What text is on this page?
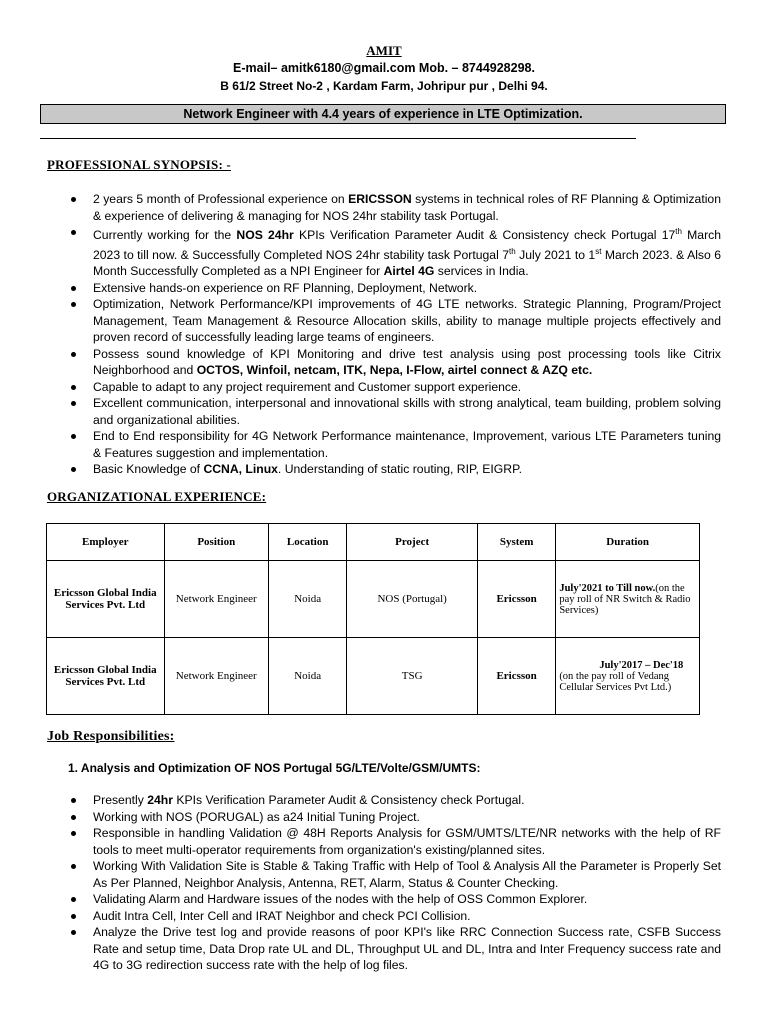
AMIT
E-mail– amitk6180@gmail.com Mob. – 8744928298.
B 61/2 Street No-2 , Kardam Farm, Johripur pur , Delhi 94.
Network Engineer with 4.4 years of experience in LTE Optimization.
PROFESSIONAL SYNOPSIS: -
2 years 5 month of Professional experience on ERICSSON systems in technical roles of RF Planning & Optimization & experience of delivering & managing for NOS 24hr stability task Portugal.
Currently working for the NOS 24hr KPIs Verification Parameter Audit & Consistency check Portugal 17th March 2023 to till now. & Successfully Completed NOS 24hr stability task Portugal 7th July 2021 to 1st March 2023. & Also 6 Month Successfully Completed as a NPI Engineer for Airtel 4G services in India.
Extensive hands-on experience on RF Planning, Deployment, Network.
Optimization, Network Performance/KPI improvements of 4G LTE networks. Strategic Planning, Program/Project Management, Team Management & Resource Allocation skills, ability to manage multiple projects effectively and proven record of successfully leading large teams of engineers.
Possess sound knowledge of KPI Monitoring and drive test analysis using post processing tools like Citrix Neighborhood and OCTOS, Winfoil, netcam, ITK, Nepa, I-Flow, airtel connect & AZQ etc.
Capable to adapt to any project requirement and Customer support experience.
Excellent communication, interpersonal and innovational skills with strong analytical, team building, problem solving and organizational abilities.
End to End responsibility for 4G Network Performance maintenance, Improvement, various LTE Parameters tuning & Features suggestion and implementation.
Basic Knowledge of CCNA, Linux. Understanding of static routing, RIP, EIGRP.
ORGANIZATIONAL EXPERIENCE:
Employer	Position	Location	Project	System	Duration
Ericsson Global India Services Pvt. Ltd	Network Engineer	Noida	NOS (Portugal)	Ericsson	July'2021 to Till now.(on the pay roll of NR Switch & Radio Services)
Ericsson Global India Services Pvt. Ltd	Network Engineer	Noida	TSG	Ericsson	July'2017 – Dec'18 (on the pay roll of Vedang Cellular Services Pvt Ltd.)
Job Responsibilities:
1. Analysis and Optimization OF NOS Portugal 5G/LTE/Volte/GSM/UMTS:
Presently 24hr KPIs Verification Parameter Audit & Consistency check Portugal.
Working with NOS (PORUGAL) as a24 Initial Tuning Project.
Responsible in handling Validation @ 48H Reports Analysis for GSM/UMTS/LTE/NR networks with the help of RF tools to meet multi-operator requirements from organization's existing/planned sites.
Working With Validation Site is Stable & Taking Traffic with Help of Tool & Analysis All the Parameter is Properly Set As Per Planned, Neighbor Analysis, Antenna, RET, Alarm, Status & Counter Checking.
Validating Alarm and Hardware issues of the nodes with the help of OSS Common Explorer.
Audit Intra Cell, Inter Cell and IRAT Neighbor and check PCI Collision.
Analyze the Drive test log and provide reasons of poor KPI's like RRC Connection Success rate, CSFB Success Rate and setup time, Data Drop rate UL and DL, Throughput UL and DL, Intra and Inter Frequency success rate and 4G to 3G redirection success rate with the help of log files.
